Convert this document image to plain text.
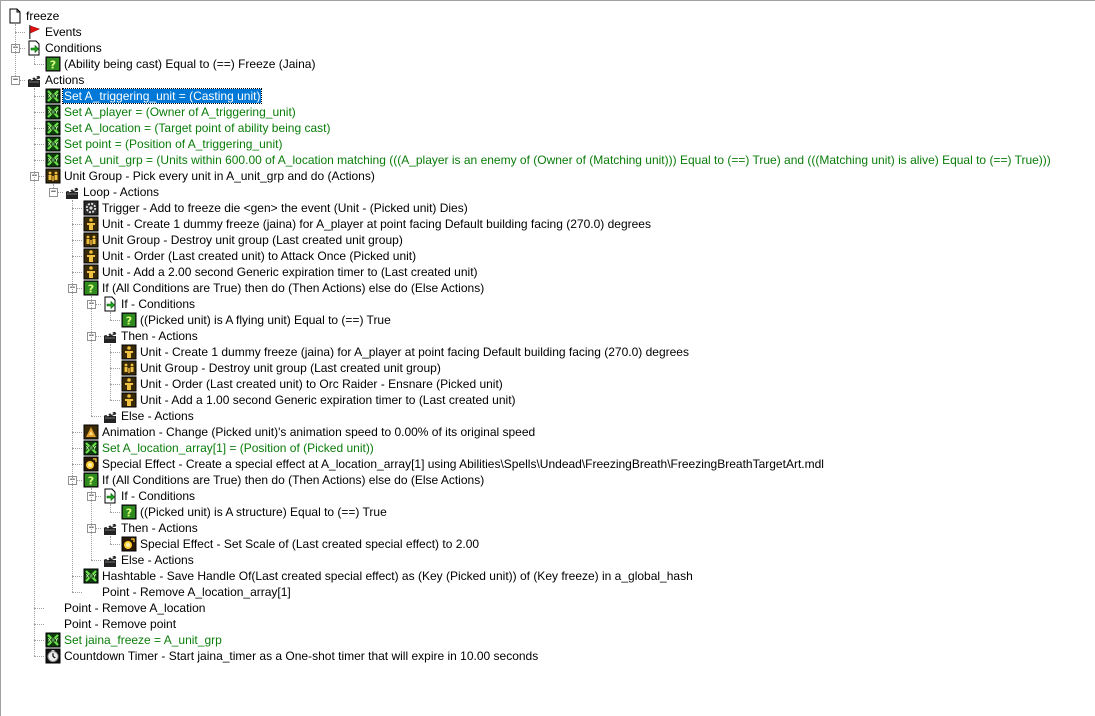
freeze
Events
− Conditions
? (Ability being cast) Equal to (==) Freeze (Jaina)
− Actions
X=Y Set A_triggering_unit = (Casting unit)
X=Y Set A_player = (Owner of A_triggering_unit)
X=Y Set A_location = (Target point of ability being cast)
X=Y Set point = (Position of A_triggering_unit)
X=Y Set A_unit_grp = (Units within 600.00 of A_location matching (((A_player is an enemy of (Owner of (Matching unit))) Equal to (==) True) and (((Matching unit) is alive) Equal to (==) True)))
− Unit Group - Pick every unit in A_unit_grp and do (Actions)
− Loop - Actions
Trigger - Add to freeze die <gen> the event (Unit - (Picked unit) Dies)
Unit - Create 1 dummy freeze (jaina) for A_player at point facing Default building facing (270.0) degrees
Unit Group - Destroy unit group (Last created unit group)
Unit - Order (Last created unit) to Attack Once (Picked unit)
Unit - Add a 2.00 second Generic expiration timer to (Last created unit)
− ? If (All Conditions are True) then do (Then Actions) else do (Else Actions)
− If - Conditions
? ((Picked unit) is A flying unit) Equal to (==) True
− Then - Actions
Unit - Create 1 dummy freeze (jaina) for A_player at point facing Default building facing (270.0) degrees
Unit Group - Destroy unit group (Last created unit group)
Unit - Order (Last created unit) to Orc Raider - Ensnare (Picked unit)
Unit - Add a 1.00 second Generic expiration timer to (Last created unit)
Else - Actions
Animation - Change (Picked unit)'s animation speed to 0.00% of its original speed
X=Y Set A_location_array[1] = (Position of (Picked unit))
Special Effect - Create a special effect at A_location_array[1] using Abilities\Spells\Undead\FreezingBreath\FreezingBreathTargetArt.mdl
− ? If (All Conditions are True) then do (Then Actions) else do (Else Actions)
− If - Conditions
? ((Picked unit) is A structure) Equal to (==) True
− Then - Actions
Special Effect - Set Scale of (Last created special effect) to 2.00
Else - Actions
X=Y Hashtable - Save Handle Of(Last created special effect) as (Key (Picked unit)) of (Key freeze) in a_global_hash
Point - Remove A_location_array[1]
Point - Remove A_location
Point - Remove point
X=Y Set jaina_freeze = A_unit_grp
Countdown Timer - Start jaina_timer as a One-shot timer that will expire in 10.00 seconds
